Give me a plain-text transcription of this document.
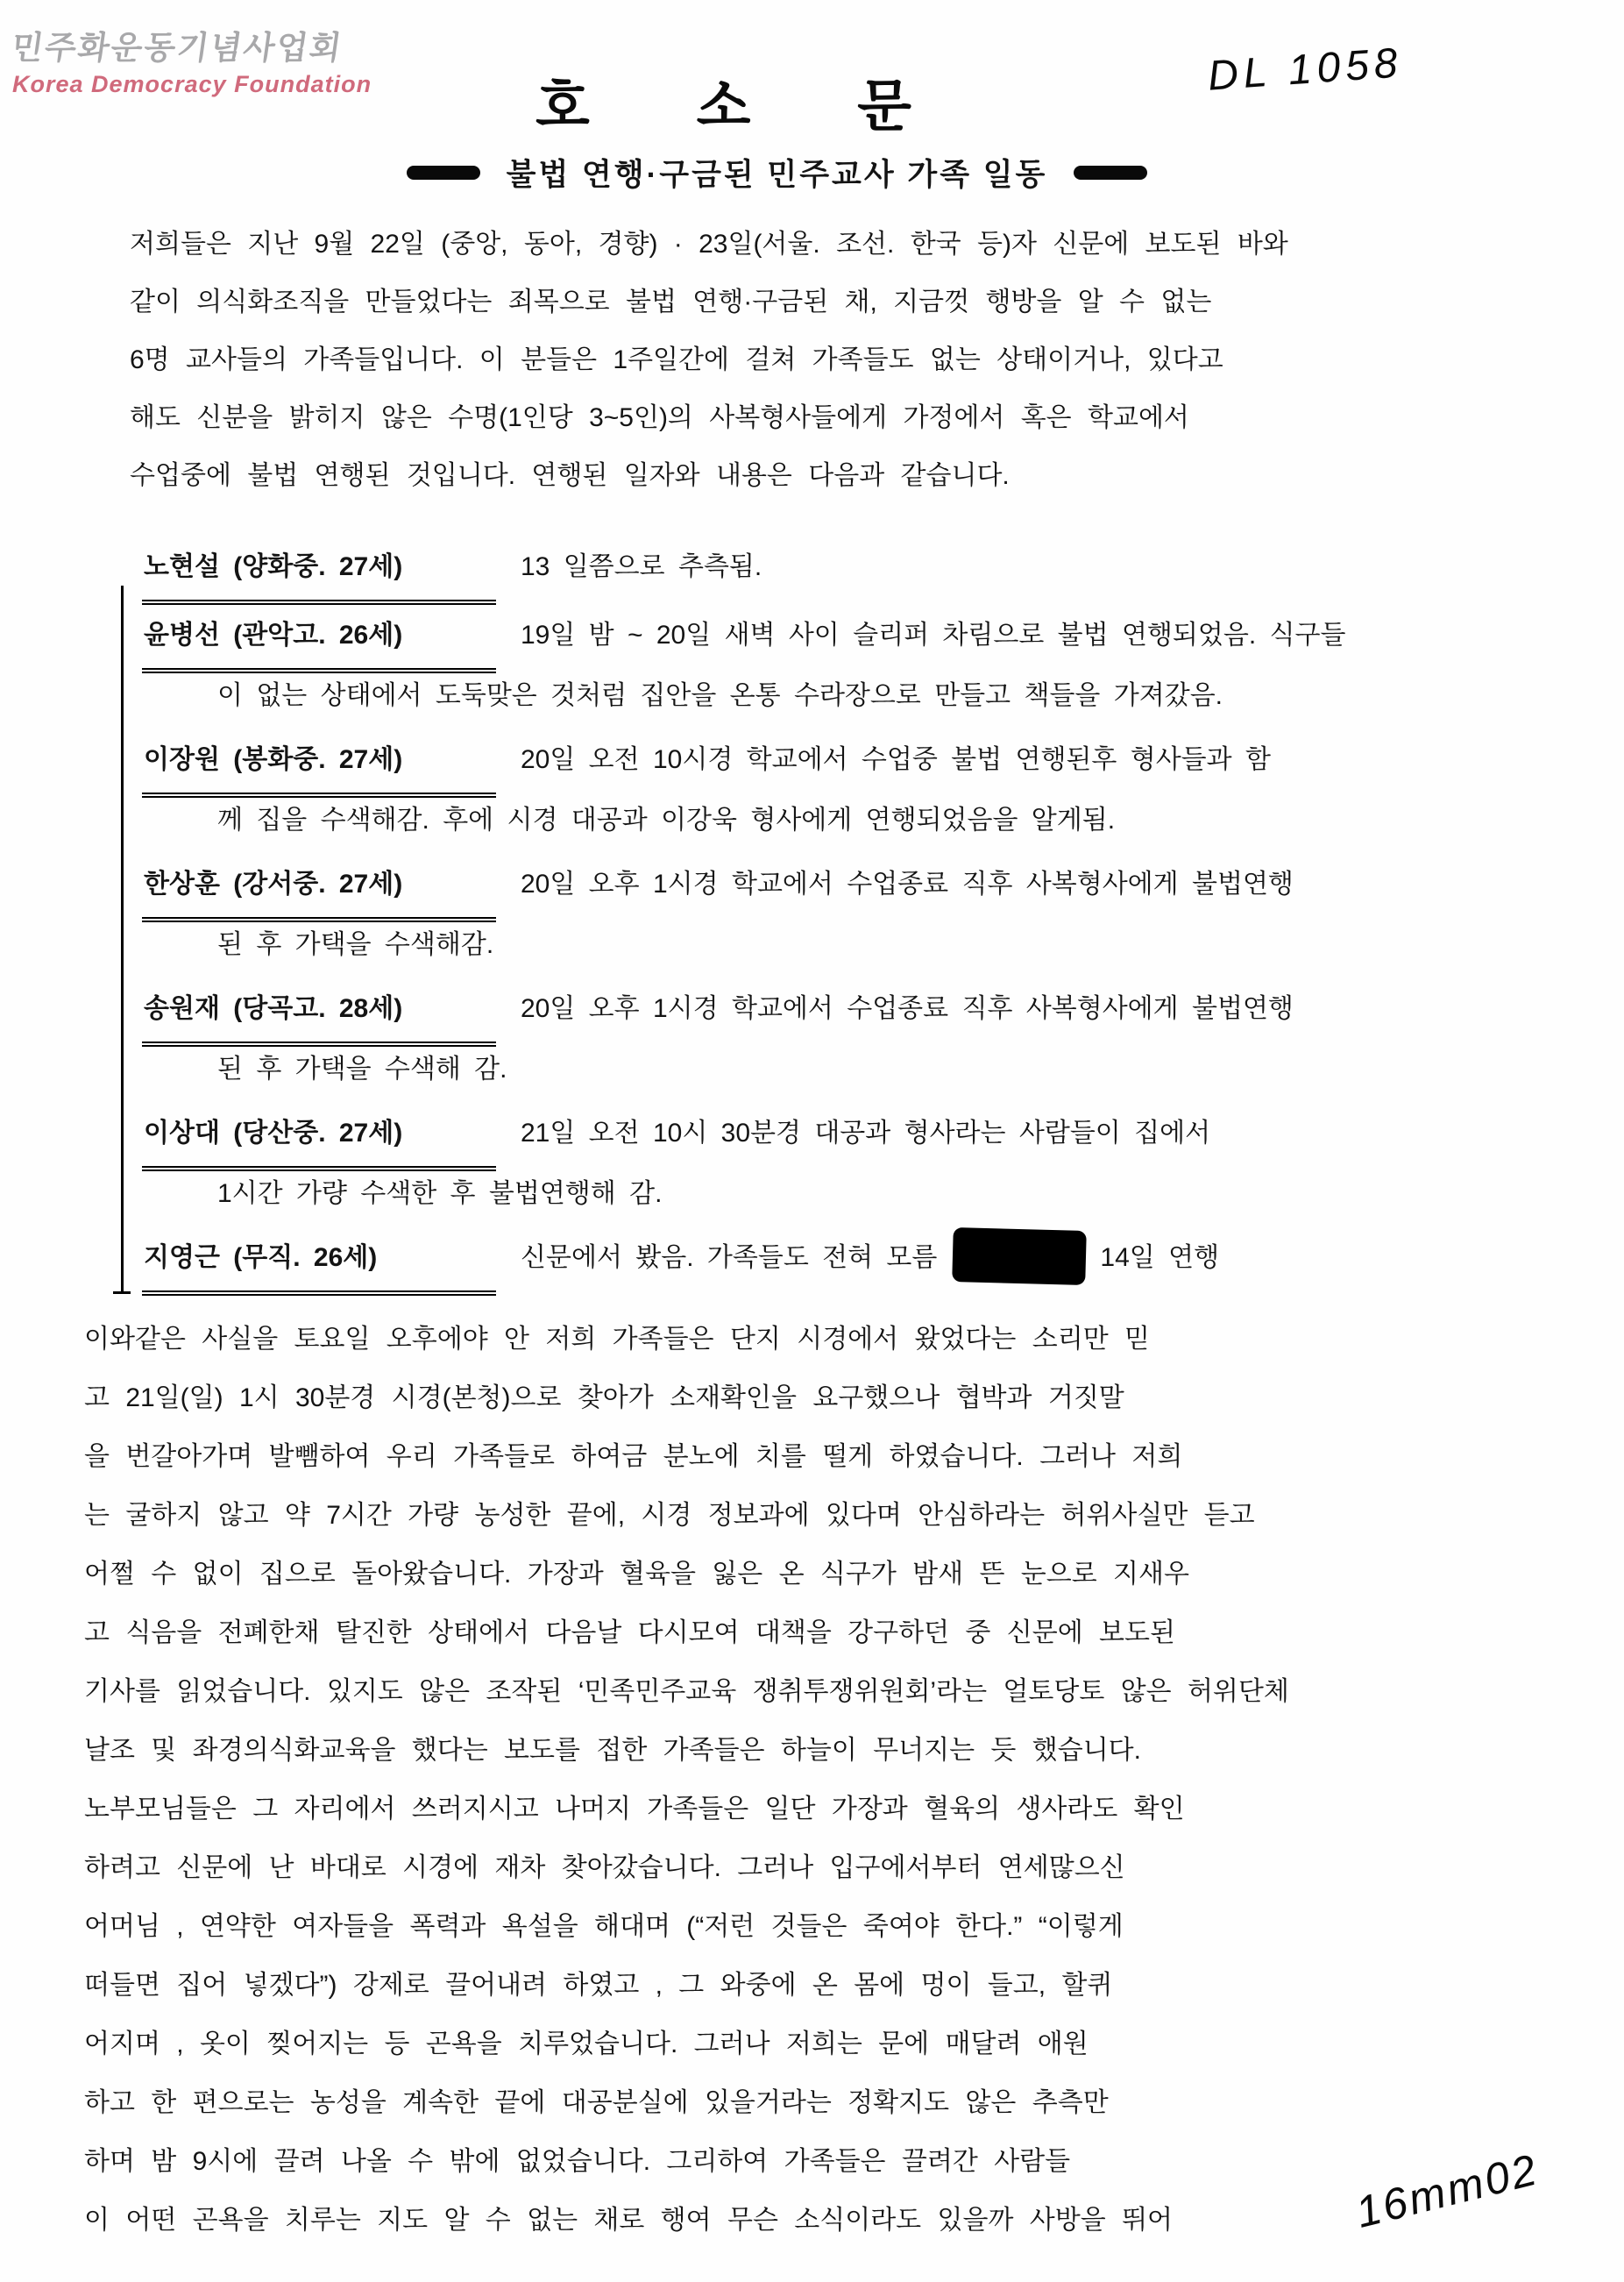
민주화운동기념사업회
Korea Democracy Foundation	DL 1058
호 소 문
불법 연행·구금된 민주교사 가족 일동
저희들은 지난 9월 22일 (중앙, 동아, 경향) · 23일(서울. 조선. 한국 등)자 신문에 보도된 바와
같이 의식화조직을 만들었다는 죄목으로 불법 연행·구금된 채, 지금껏 행방을 알 수 없는
6명 교사들의 가족들입니다. 이 분들은 1주일간에 걸쳐 가족들도 없는 상태이거나, 있다고
해도 신분을 밝히지 않은 수명(1인당 3~5인)의 사복형사들에게 가정에서 혹은 학교에서
수업중에 불법 연행된 것입니다. 연행된 일자와 내용은 다음과 같습니다.
노현설 (양화중. 27세)	13 일쯤으로 추측됨.
윤병선 (관악고. 26세)	19일 밤 ~ 20일 새벽 사이 슬리퍼 차림으로 불법 연행되었음. 식구들
이 없는 상태에서 도둑맞은 것처럼 집안을 온통 수라장으로 만들고 책들을 가져갔음.
이장원 (봉화중. 27세)	20일 오전 10시경 학교에서 수업중 불법 연행된후 형사들과 함
께 집을 수색해감. 후에 시경 대공과 이강욱 형사에게 연행되었음을 알게됨.
한상훈 (강서중. 27세)	20일 오후 1시경 학교에서 수업종료 직후 사복형사에게 불법연행
된 후 가택을 수색해감.
송원재 (당곡고. 28세)	20일 오후 1시경 학교에서 수업종료 직후 사복형사에게 불법연행
된 후 가택을 수색해 감.
이상대 (당산중. 27세)	21일 오전 10시 30분경 대공과 형사라는 사람들이 집에서
1시간 가량 수색한 후 불법연행해 감.
지영근 (무직. 26세)	신문에서 봤음. 가족들도 전혀 모름	14일 연행
이와같은 사실을 토요일 오후에야 안 저희 가족들은 단지 시경에서 왔었다는 소리만 믿
고 21일(일) 1시 30분경 시경(본청)으로 찾아가 소재확인을 요구했으나 협박과 거짓말
을 번갈아가며 발뺌하여 우리 가족들로 하여금 분노에 치를 떨게 하였습니다. 그러나 저희
는 굴하지 않고 약 7시간 가량 농성한 끝에, 시경 정보과에 있다며 안심하라는 허위사실만 듣고
어쩔 수 없이 집으로 돌아왔습니다. 가장과 혈육을 잃은 온 식구가 밤새 뜬 눈으로 지새우
고 식음을 전폐한채 탈진한 상태에서 다음날 다시모여 대책을 강구하던 중 신문에 보도된
기사를 읽었습니다. 있지도 않은 조작된 ‘민족민주교육 쟁취투쟁위원회’라는 얼토당토 않은 허위단체
날조 및 좌경의식화교육을 했다는 보도를 접한 가족들은 하늘이 무너지는 듯 했습니다.
노부모님들은 그 자리에서 쓰러지시고 나머지 가족들은 일단 가장과 혈육의 생사라도 확인
하려고 신문에 난 바대로 시경에 재차 찾아갔습니다. 그러나 입구에서부터 연세많으신
어머님 , 연약한 여자들을 폭력과 욕설을 해대며 (“저런 것들은 죽여야 한다.” “이렇게
떠들면 집어 넣겠다”) 강제로 끌어내려 하였고 , 그 와중에 온 몸에 멍이 들고, 할퀴
어지며 , 옷이 찢어지는 등 곤욕을 치루었습니다. 그러나 저희는 문에 매달려 애원
하고 한 편으로는 농성을 계속한 끝에 대공분실에 있을거라는 정확지도 않은 추측만
하며 밤 9시에 끌려 나올 수 밖에 없었습니다. 그리하여 가족들은 끌려간 사람들
이 어떤 곤욕을 치루는 지도 알 수 없는 채로 행여 무슨 소식이라도 있을까 사방을 뛰어	16mm02
